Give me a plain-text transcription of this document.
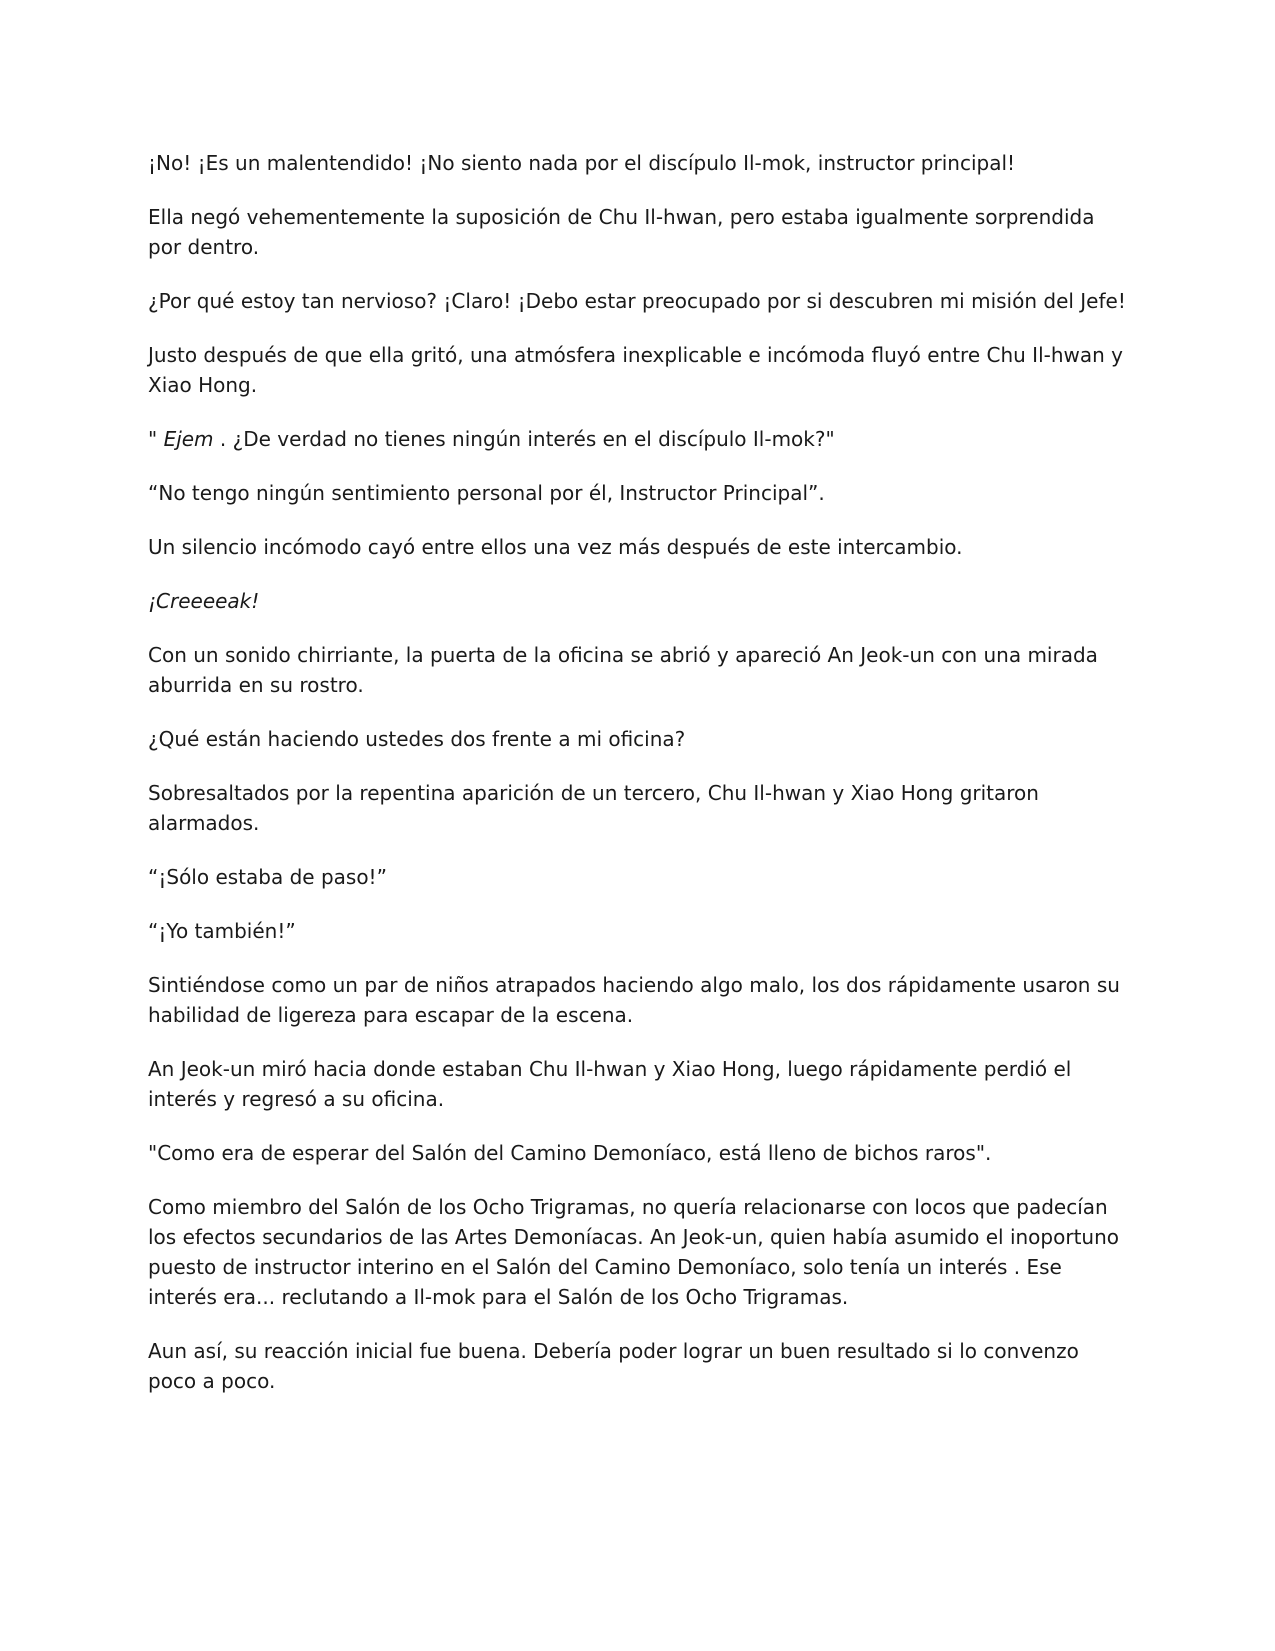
¡No! ¡Es un malentendido! ¡No siento nada por el discípulo Il-mok, instructor principal!

Ella negó vehementemente la suposición de Chu Il-hwan, pero estaba igualmente sorprendida por dentro.

¿Por qué estoy tan nervioso? ¡Claro! ¡Debo estar preocupado por si descubren mi misión del Jefe!

Justo después de que ella gritó, una atmósfera inexplicable e incómoda fluyó entre Chu Il-hwan y Xiao Hong.

" Ejem . ¿De verdad no tienes ningún interés en el discípulo Il-mok?"

“No tengo ningún sentimiento personal por él, Instructor Principal”.

Un silencio incómodo cayó entre ellos una vez más después de este intercambio.

¡Creeeeak!

Con un sonido chirriante, la puerta de la oficina se abrió y apareció An Jeok-un con una mirada aburrida en su rostro.

¿Qué están haciendo ustedes dos frente a mi oficina?

Sobresaltados por la repentina aparición de un tercero, Chu Il-hwan y Xiao Hong gritaron alarmados.

“¡Sólo estaba de paso!”

“¡Yo también!”

Sintiéndose como un par de niños atrapados haciendo algo malo, los dos rápidamente usaron su habilidad de ligereza para escapar de la escena.

An Jeok-un miró hacia donde estaban Chu Il-hwan y Xiao Hong, luego rápidamente perdió el interés y regresó a su oficina.

"Como era de esperar del Salón del Camino Demoníaco, está lleno de bichos raros".

Como miembro del Salón de los Ocho Trigramas, no quería relacionarse con locos que padecían los efectos secundarios de las Artes Demoníacas. An Jeok-un, quien había asumido el inoportuno puesto de instructor interino en el Salón del Camino Demoníaco, solo tenía un interés . Ese interés era... reclutando a Il-mok para el Salón de los Ocho Trigramas.

Aun así, su reacción inicial fue buena. Debería poder lograr un buen resultado si lo convenzo poco a poco.
